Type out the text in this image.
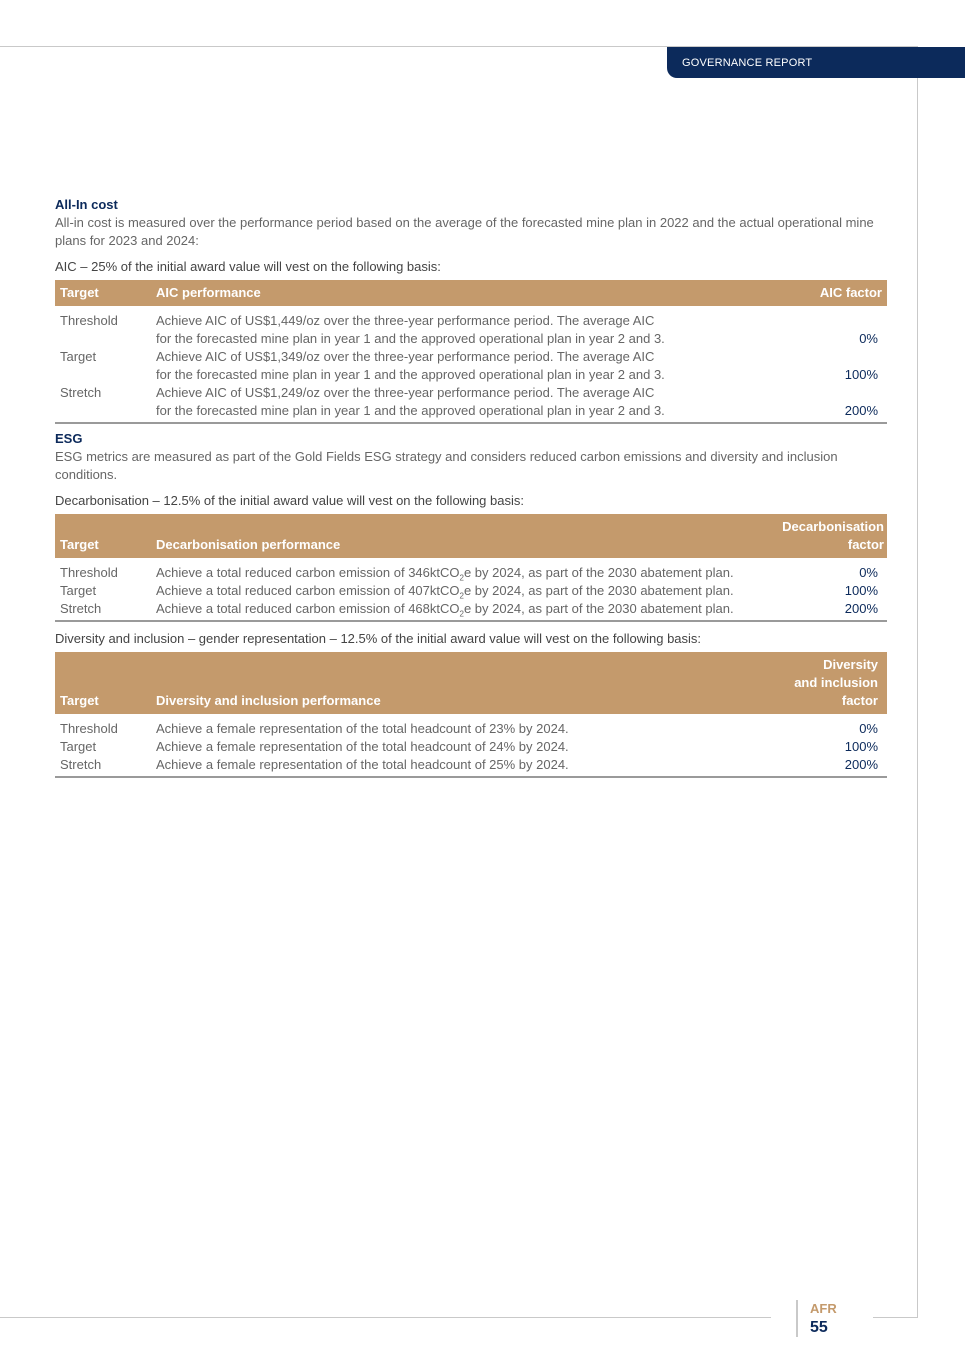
GOVERNANCE REPORT
All-In cost
All-in cost is measured over the performance period based on the average of the forecasted mine plan in 2022 and the actual operational mine plans for 2023 and 2024:
AIC – 25% of the initial award value will vest on the following basis:
Target	AIC performance	AIC factor
Threshold	Achieve AIC of US$1,449/oz over the three-year performance period. The average AIC
for the forecasted mine plan in year 1 and the approved operational plan in year 2 and 3.	0%
Target	Achieve AIC of US$1,349/oz over the three-year performance period. The average AIC
for the forecasted mine plan in year 1 and the approved operational plan in year 2 and 3.	100%
Stretch	Achieve AIC of US$1,249/oz over the three-year performance period. The average AIC
for the forecasted mine plan in year 1 and the approved operational plan in year 2 and 3.	200%
ESG
ESG metrics are measured as part of the Gold Fields ESG strategy and considers reduced carbon emissions and diversity and inclusion conditions.
Decarbonisation – 12.5% of the initial award value will vest on the following basis:
Target	Decarbonisation performance	Decarbonisation
factor
Threshold	Achieve a total reduced carbon emission of 346ktCO$_2$e by 2024, as part of the 2030 abatement plan.	0%
Target	Achieve a total reduced carbon emission of 407ktCO$_2$e by 2024, as part of the 2030 abatement plan.	100%
Stretch	Achieve a total reduced carbon emission of 468ktCO$_2$e by 2024, as part of the 2030 abatement plan.	200%
Diversity and inclusion – gender representation – 12.5% of the initial award value will vest on the following basis:
Target	Diversity and inclusion performance	Diversity
and inclusion
factor
Threshold	Achieve a female representation of the total headcount of 23% by 2024.	0%
Target	Achieve a female representation of the total headcount of 24% by 2024.	100%
Stretch	Achieve a female representation of the total headcount of 25% by 2024.	200%
AFR
55
